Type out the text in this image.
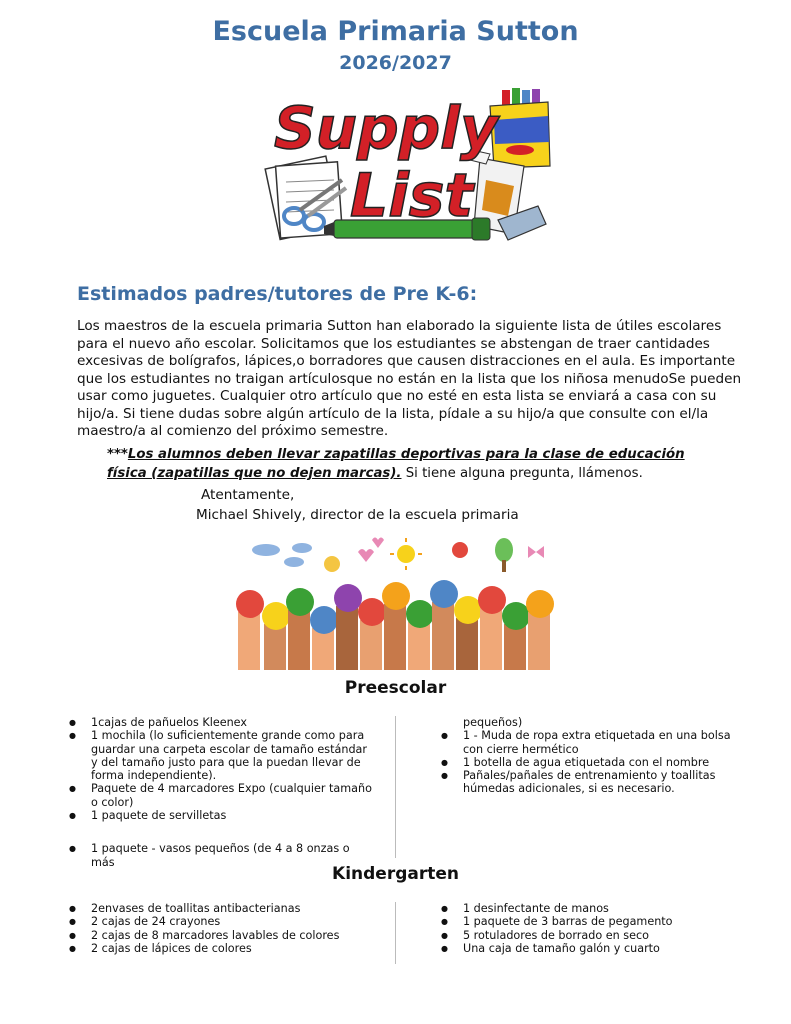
Escuela Primaria Sutton
2026/2027
Supply
List
Estimados padres/tutores de Pre K-6:
Los maestros de la escuela primaria Sutton han elaborado la siguiente lista de útiles escolares para el nuevo año escolar. Solicitamos que los estudiantes se abstengan de traer cantidades excesivas de bolígrafos, lápices,o borradores que causen distracciones en el aula. Es importante que los estudiantes no traigan artículosque no están en la lista que los niñosa menudoSe pueden usar como juguetes. Cualquier otro artículo que no esté en esta lista se enviará a casa con su hijo/a. Si tiene dudas sobre algún artículo de la lista, pídale a su hijo/a que consulte con el/la maestro/a al comienzo del próximo semestre.
***Los alumnos deben llevar zapatillas deportivas para la clase de educación física (zapatillas que no dejen marcas). Si tiene alguna pregunta, llámenos.
Atentamente,
Michael Shively, director de la escuela primaria
Preescolar
● 1cajas de pañuelos Kleenex
● 1 mochila (lo suficientemente grande como para guardar una carpeta escolar de tamaño estándar y del tamaño justo para que la puedan llevar de forma independiente).
● Paquete de 4 marcadores Expo (cualquier tamaño o color)
● 1 paquete de servilletas
● 1 paquete - vasos pequeños (de 4 a 8 onzas o más
pequeños)
● 1 - Muda de ropa extra etiquetada en una bolsa con cierre hermético
● 1 botella de agua etiquetada con el nombre
● Pañales/pañales de entrenamiento y toallitas húmedas adicionales, si es necesario.
Kindergarten
● 2envases de toallitas antibacterianas
● 2 cajas de 24 crayones
● 2 cajas de 8 marcadores lavables de colores
● 2 cajas de lápices de colores
● 1 desinfectante de manos
● 1 paquete de 3 barras de pegamento
● 5 rotuladores de borrado en seco
● Una caja de tamaño galón y cuarto
